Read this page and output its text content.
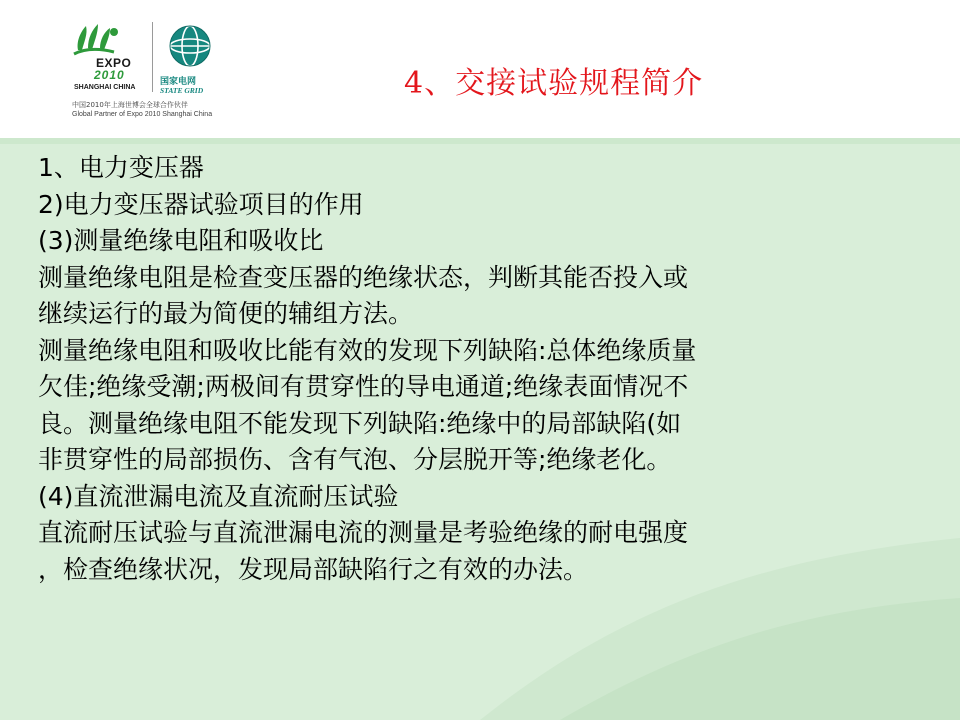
EXPO
2010
SHANGHAI CHINA
国家电网
STATE GRID
中国2010年上海世博会全球合作伙伴
Global Partner of Expo 2010 Shanghai China
4、交接试验规程简介
1、电力变压器
2)电力变压器试验项目的作用
(3)测量绝缘电阻和吸收比
测量绝缘电阻是检查变压器的绝缘状态，判断其能否投入或
继续运行的最为简便的辅组方法。
测量绝缘电阻和吸收比能有效的发现下列缺陷:总体绝缘质量
欠佳;绝缘受潮;两极间有贯穿性的导电通道;绝缘表面情况不
良。测量绝缘电阻不能发现下列缺陷:绝缘中的局部缺陷(如
非贯穿性的局部损伤、含有气泡、分层脱开等;绝缘老化。
(4)直流泄漏电流及直流耐压试验
直流耐压试验与直流泄漏电流的测量是考验绝缘的耐电强度
，检查绝缘状况，发现局部缺陷行之有效的办法。
